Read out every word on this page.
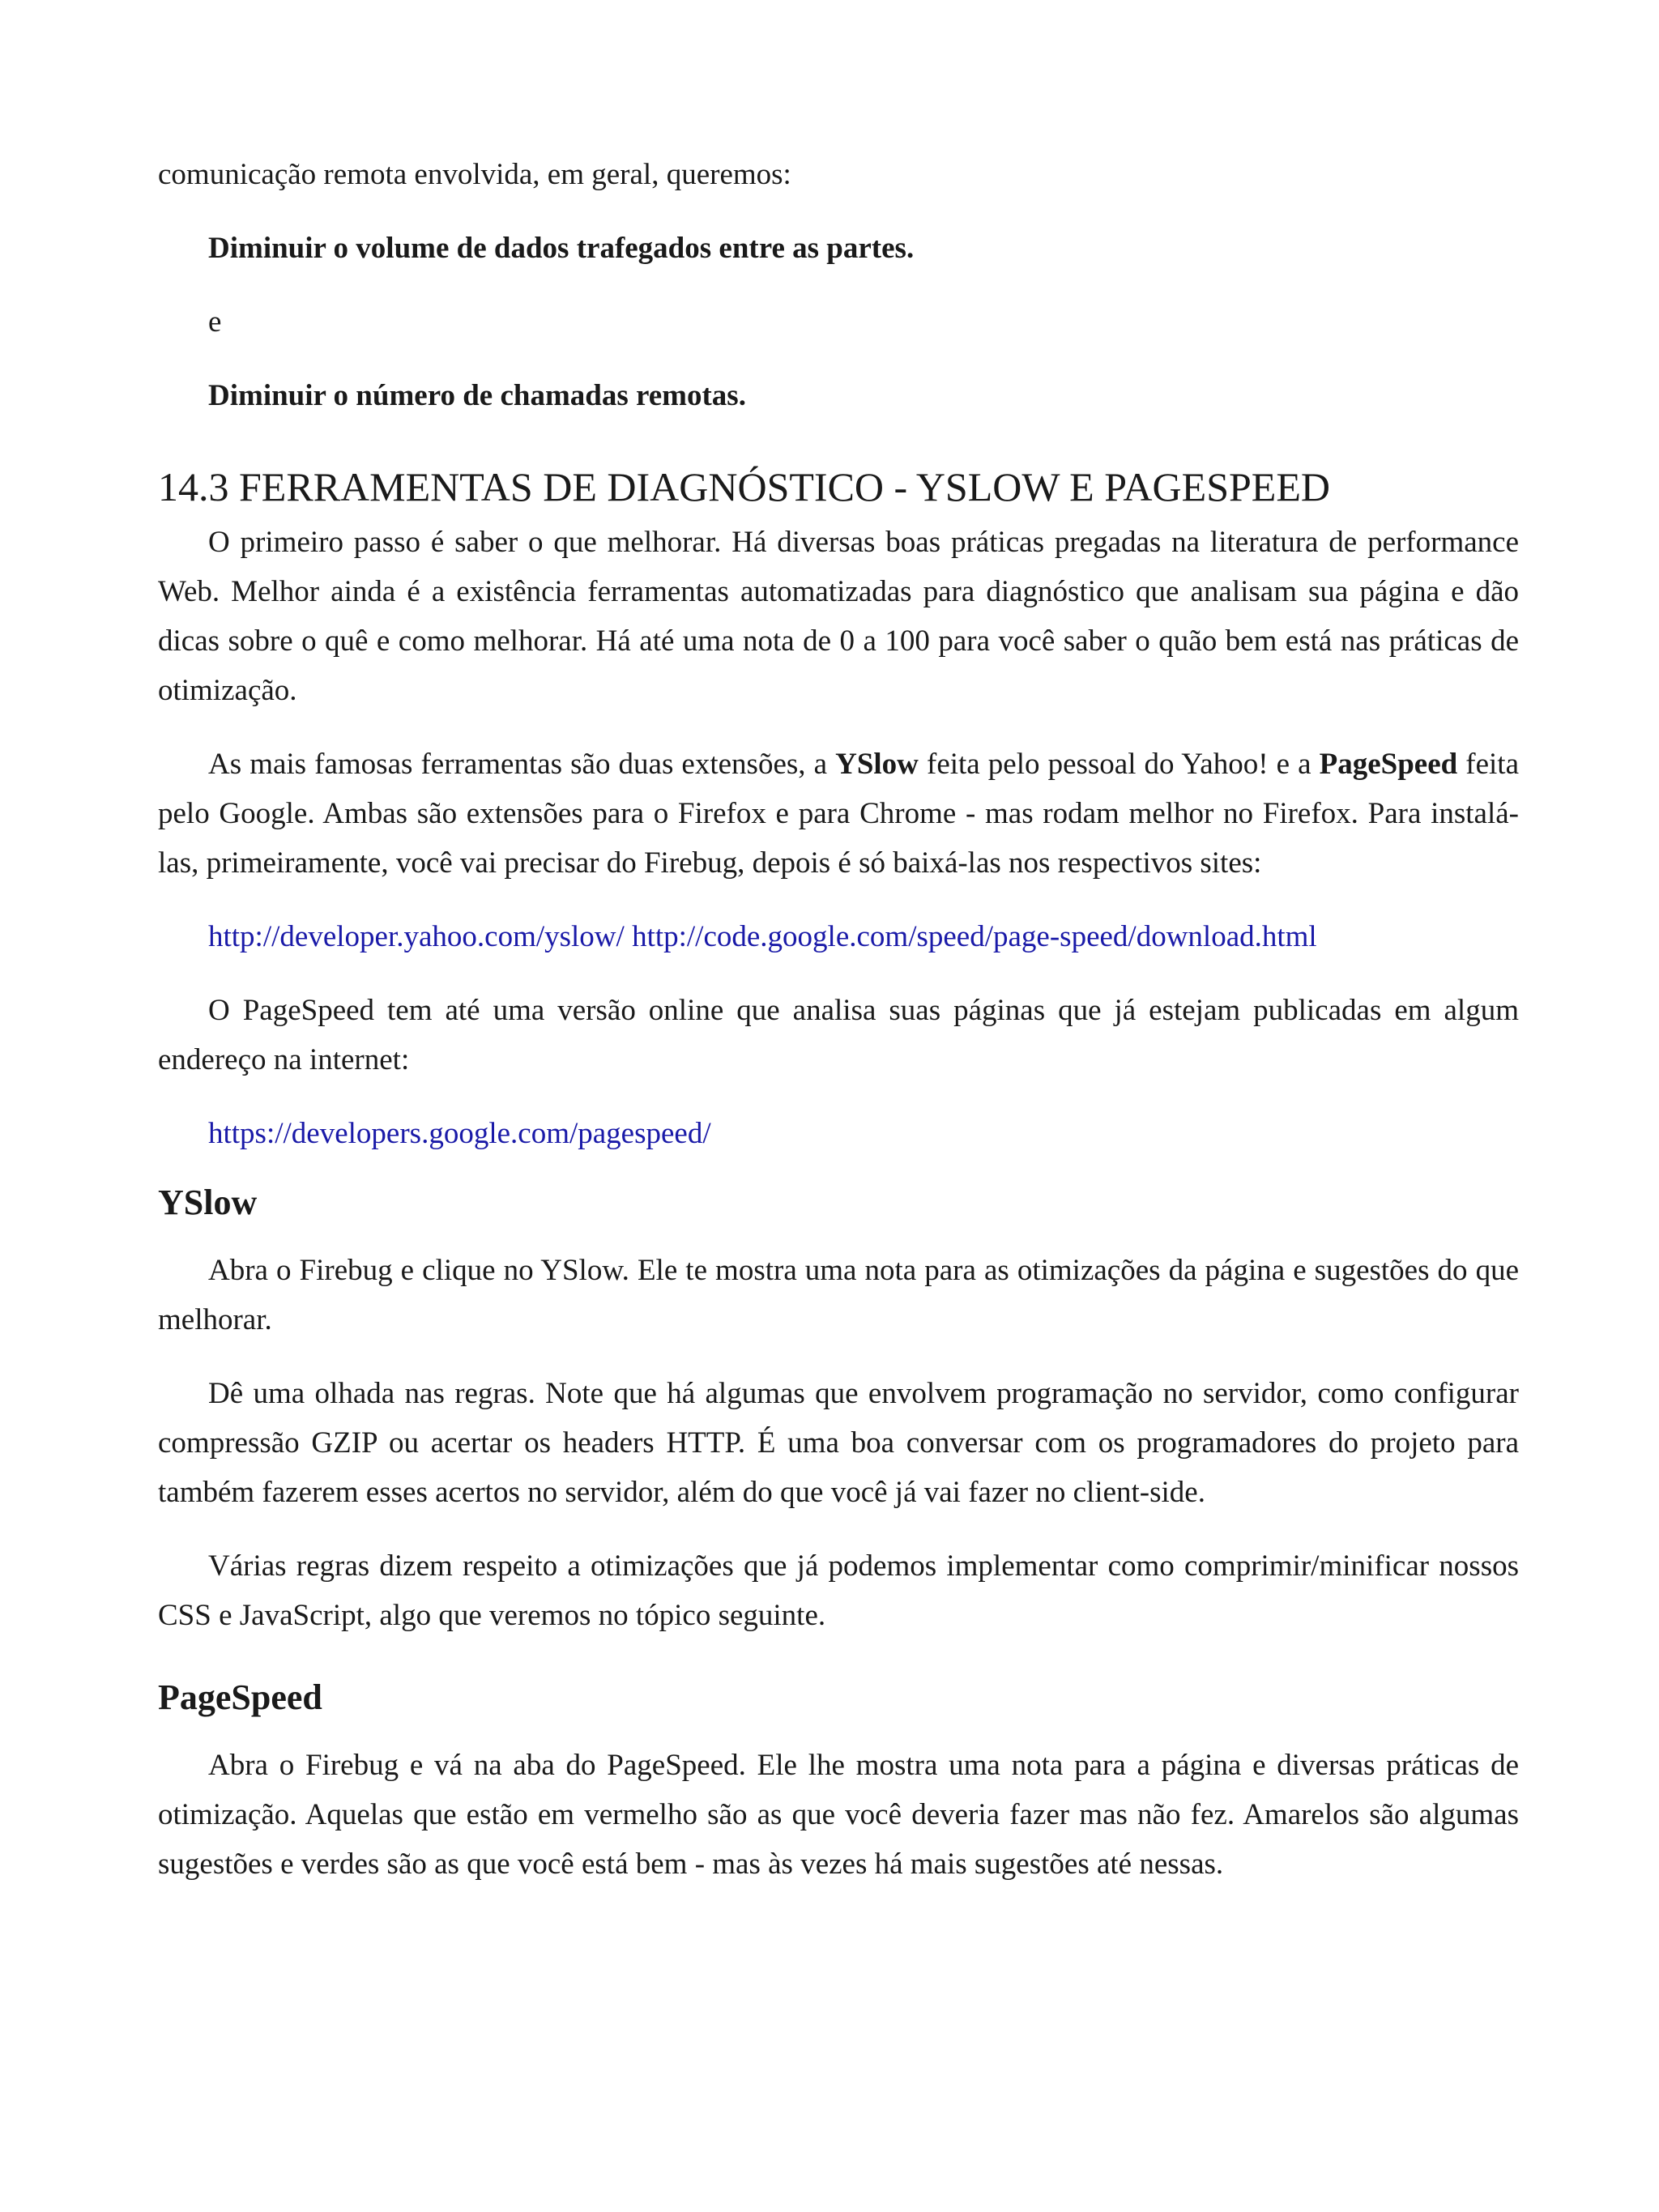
comunicação remota envolvida, em geral, queremos:

Diminuir o volume de dados trafegados entre as partes.

e

Diminuir o número de chamadas remotas.

14.3 FERRAMENTAS DE DIAGNÓSTICO - YSLOW E PAGESPEED

O primeiro passo é saber o que melhorar. Há diversas boas práticas pregadas na literatura de performance Web. Melhor ainda é a existência ferramentas automatizadas para diagnóstico que analisam sua página e dão dicas sobre o quê e como melhorar. Há até uma nota de 0 a 100 para você saber o quão bem está nas práticas de otimização.

As mais famosas ferramentas são duas extensões, a YSlow feita pelo pessoal do Yahoo! e a PageSpeed feita pelo Google. Ambas são extensões para o Firefox e para Chrome - mas rodam melhor no Firefox. Para instalá-las, primeiramente, você vai precisar do Firebug, depois é só baixá-las nos respectivos sites:

http://developer.yahoo.com/yslow/ http://code.google.com/speed/page-speed/download.html

O PageSpeed tem até uma versão online que analisa suas páginas que já estejam publicadas em algum endereço na internet:

https://developers.google.com/pagespeed/

YSlow

Abra o Firebug e clique no YSlow. Ele te mostra uma nota para as otimizações da página e sugestões do que melhorar.

Dê uma olhada nas regras. Note que há algumas que envolvem programação no servidor, como configurar compressão GZIP ou acertar os headers HTTP. É uma boa conversar com os programadores do projeto para também fazerem esses acertos no servidor, além do que você já vai fazer no client-side.

Várias regras dizem respeito a otimizações que já podemos implementar como comprimir/minificar nossos CSS e JavaScript, algo que veremos no tópico seguinte.

PageSpeed

Abra o Firebug e vá na aba do PageSpeed. Ele lhe mostra uma nota para a página e diversas práticas de otimização. Aquelas que estão em vermelho são as que você deveria fazer mas não fez. Amarelos são algumas sugestões e verdes são as que você está bem - mas às vezes há mais sugestões até nessas.
